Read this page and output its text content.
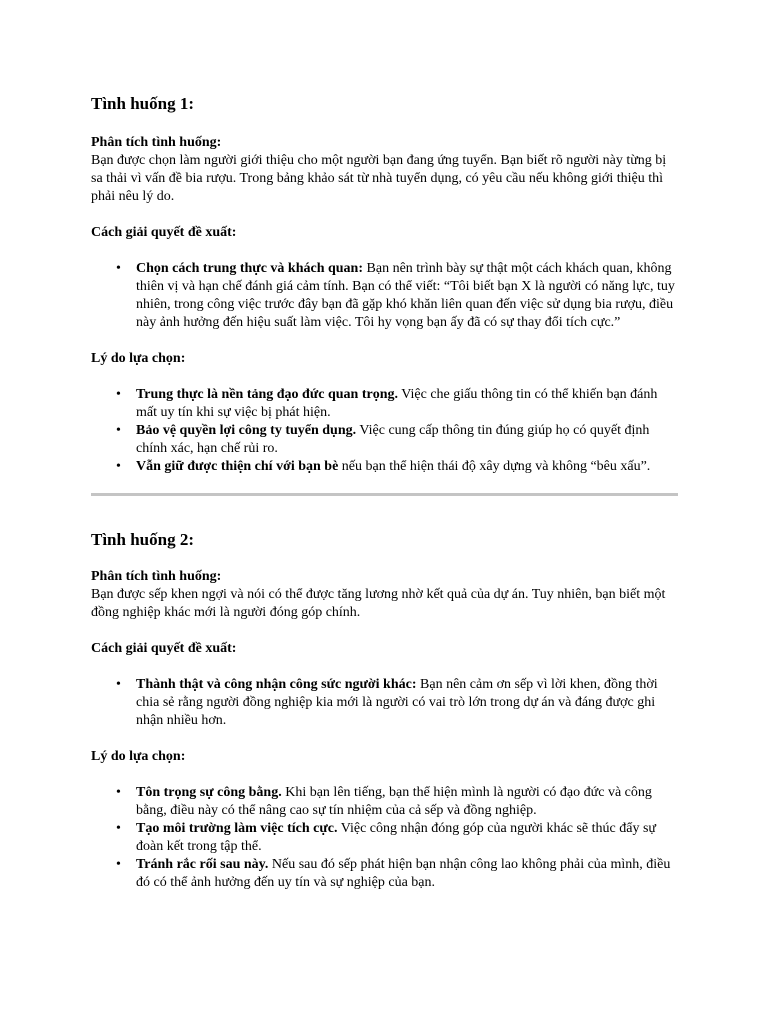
Tình huống 1:

Phân tích tình huống:

Bạn được chọn làm người giới thiệu cho một người bạn đang ứng tuyển. Bạn biết rõ người này từng bị sa thải vì vấn đề bia rượu. Trong bảng khảo sát từ nhà tuyển dụng, có yêu cầu nếu không giới thiệu thì phải nêu lý do.

Cách giải quyết đề xuất:

• Chọn cách trung thực và khách quan: Bạn nên trình bày sự thật một cách khách quan, không thiên vị và hạn chế đánh giá cảm tính. Bạn có thể viết: “Tôi biết bạn X là người có năng lực, tuy nhiên, trong công việc trước đây bạn đã gặp khó khăn liên quan đến việc sử dụng bia rượu, điều này ảnh hưởng đến hiệu suất làm việc. Tôi hy vọng bạn ấy đã có sự thay đổi tích cực.”

Lý do lựa chọn:

• Trung thực là nền tảng đạo đức quan trọng. Việc che giấu thông tin có thể khiến bạn đánh mất uy tín khi sự việc bị phát hiện.
• Bảo vệ quyền lợi công ty tuyển dụng. Việc cung cấp thông tin đúng giúp họ có quyết định chính xác, hạn chế rủi ro.
• Vẫn giữ được thiện chí với bạn bè nếu bạn thể hiện thái độ xây dựng và không “bêu xấu”.
Tình huống 2:

Phân tích tình huống:

Bạn được sếp khen ngợi và nói có thể được tăng lương nhờ kết quả của dự án. Tuy nhiên, bạn biết một đồng nghiệp khác mới là người đóng góp chính.

Cách giải quyết đề xuất:

• Thành thật và công nhận công sức người khác: Bạn nên cảm ơn sếp vì lời khen, đồng thời chia sẻ rằng người đồng nghiệp kia mới là người có vai trò lớn trong dự án và đáng được ghi nhận nhiều hơn.

Lý do lựa chọn:

• Tôn trọng sự công bằng. Khi bạn lên tiếng, bạn thể hiện mình là người có đạo đức và công bằng, điều này có thể nâng cao sự tín nhiệm của cả sếp và đồng nghiệp.
• Tạo môi trường làm việc tích cực. Việc công nhận đóng góp của người khác sẽ thúc đẩy sự đoàn kết trong tập thể.
• Tránh rắc rối sau này. Nếu sau đó sếp phát hiện bạn nhận công lao không phải của mình, điều đó có thể ảnh hưởng đến uy tín và sự nghiệp của bạn.
